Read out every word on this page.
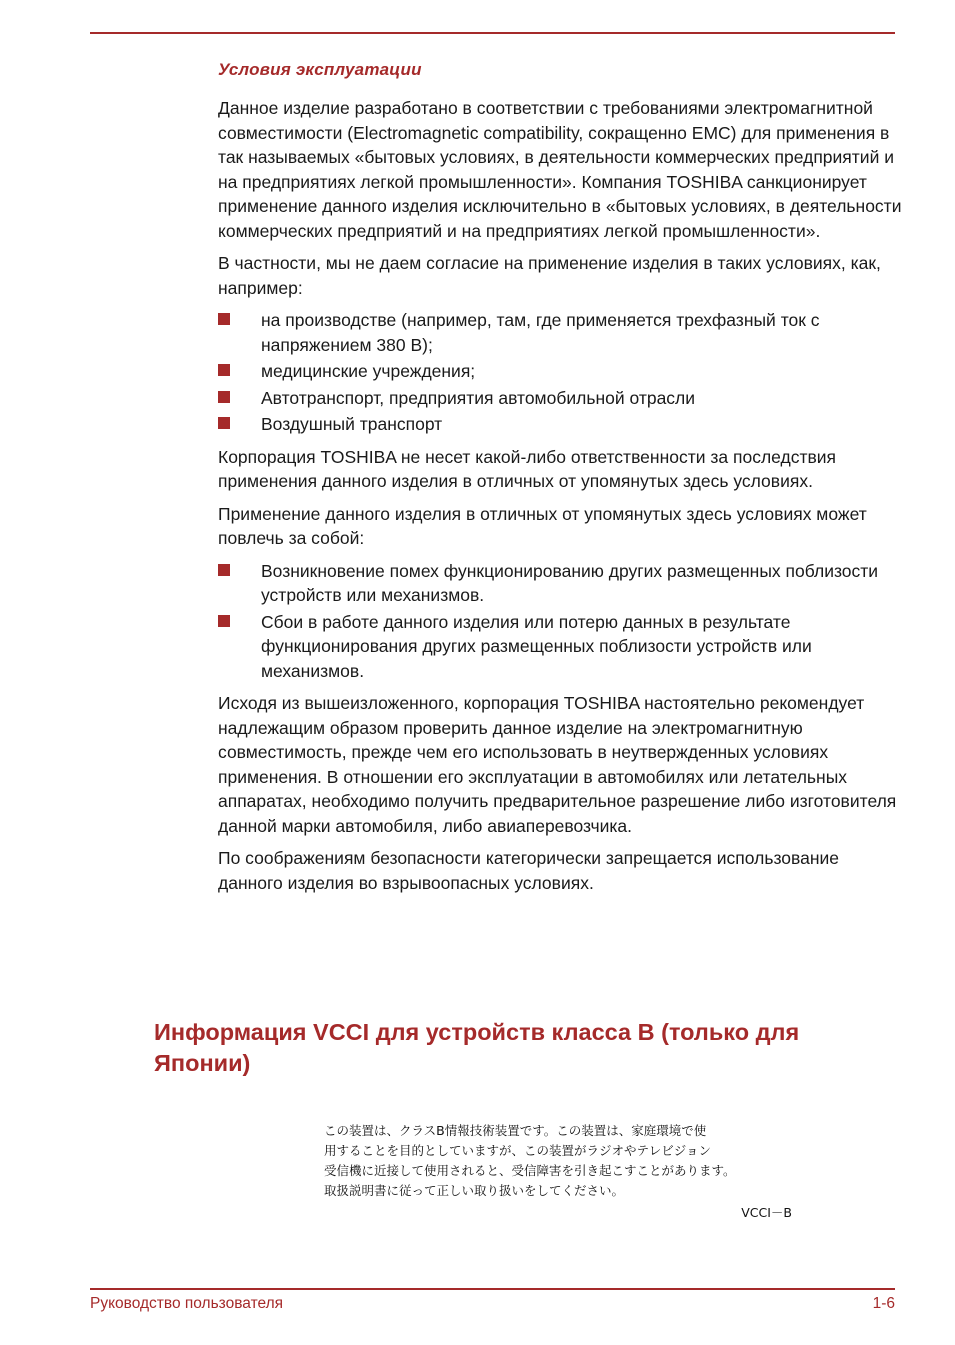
Условия эксплуатации

Данное изделие разработано в соответствии с требованиями электромагнитной совместимости (Electromagnetic compatibility, сокращенно EMC) для применения в так называемых «бытовых условиях, в деятельности коммерческих предприятий и на предприятиях легкой промышленности». Компания TOSHIBA санкционирует применение данного изделия исключительно в «бытовых условиях, в деятельности коммерческих предприятий и на предприятиях легкой промышленности».

В частности, мы не даем согласие на применение изделия в таких условиях, как, например:

на производстве (например, там, где применяется трехфазный ток с напряжением 380 В);
медицинские учреждения;
Автотранспорт, предприятия автомобильной отрасли
Воздушный транспорт

Корпорация TOSHIBA не несет какой-либо ответственности за последствия применения данного изделия в отличных от упомянутых здесь условиях.

Применение данного изделия в отличных от упомянутых здесь условиях может повлечь за собой:

Возникновение помех функционированию других размещенных поблизости устройств или механизмов.
Сбои в работе данного изделия или потерю данных в результате функционирования других размещенных поблизости устройств или механизмов.

Исходя из вышеизложенного, корпорация TOSHIBA настоятельно рекомендует надлежащим образом проверить данное изделие на электромагнитную совместимость, прежде чем его использовать в неутвержденных условиях применения. В отношении его эксплуатации в автомобилях или летательных аппаратах, необходимо получить предварительное разрешение либо изготовителя данной марки автомобиля, либо авиаперевозчика.

По соображениям безопасности категорически запрещается использование данного изделия во взрывоопасных условиях.

Информация VCCI для устройств класса B (только для Японии)
この装置は、クラスB情報技術装置です。この装置は、家庭環境で使
用することを目的としていますが、この装置がラジオやテレビジョン
受信機に近接して使用されると、受信障害を引き起こすことがあります。
取扱説明書に従って正しい取り扱いをしてください。
VCCI－B
Руководство пользователя	1-6
